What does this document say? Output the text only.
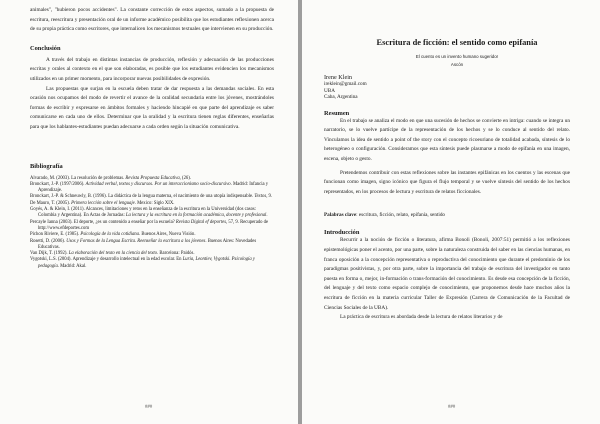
animales", "hubieron pocos accidentes". La constante corrección de estos aspectos, sumado a la propuesta de escritura, reescritura y presentación oral de un informe académico posibilita que los estudiantes reflexionen acerca de su propia práctica como escritores, que internalicen los mecanismos textuales que intervienen en su producción.

Conclusión

A través del trabajo en distintas instancias de producción, reflexión y adecuación de las producciones escritas y orales al contexto en el que son elaboradas, es posible que los estudiantes evidencien los mecanismos utilizados en un primer momento, para incorporar nuevas posibilidades de expresión.

Las propuestas que surjan en la escuela deben tratar de dar respuesta a las demandas sociales. En esta ocasión nos ocupamos del modo de revertir el avance de la oralidad secundaria entre los jóvenes, mostrándoles formas de escribir y expresarse en ámbitos formales y haciendo hincapié en que parte del aprendizaje es saber comunicarse en cada uno de ellos. Determinar que la oralidad y la escritura tienen reglas diferentes, enseñarlas para que los hablantes-estudiantes puedan adecuarse a cada orden según la situación comunicativa.

Bibliografía

Alvarado, M. (2003). La resolución de problemas. Revista Propuesta Educativa, (26).

Bronckart, J.-P. (1997/2006). Actividad verbal, textos y discursos. Por un interaccionismo socio-discursivo. Madrid: Infancia y Aprendizaje.

Bronckart, J.-P. & Schneuwly, B. (1996). La didáctica de la lengua materna, el nacimiento de una utopía indispensable. Textos, 9.

De Mauro, T. (2005). Primera lección sobre el lenguaje. Mexico: Siglo XIX.

Goyés, A. & Klein, I. (2011). Alcances, limitaciones y retos en la enseñanza de la escritura en la Universidad (dos casos: Colombia y Argentina). En Actas de Jornadas: La lectura y la escritura en la formación académica, docente y profesional.

Percayle Ianna (2003). El deporte, ¿es un contenido a enseñar por la escuela? Revista Digital ef deportes, 57, 9. Recuperado de http://www.efdeportes.com

Pichon Riviere, E. (1985). Psicología de la vida cotidiana. Buenos Aires, Nueva Visión.

Rosetti, D. (2006). Usos y Formas de la Lengua Escrita. Reenseñar la escritura a los jóvenes. Buenos Aires: Novedades Educativas.

Van Dijk, T. (1992). La elaboración del texto en la ciencia del texto. Barcelona: Paidós.

Vygotski, L.S. (2004). Aprendizaje y desarrollo intelectual en la edad escolar. En Luria, Leontiev, Vygotski. Psicología y pedagogía. Madrid: Akal.

###

Escritura de ficción: el sentido como epifanía

El cuento es un invento humano sugeridor

Ascón

Irene Klein
ireklein@gmail.com
UBA
Caba, Argentina

Resumen

En el trabajo se analiza el modo en que una sucesión de hechos se convierte en intriga: cuando se integra un narratorio, se lo vuelve partícipe de la representación de los hechos y se lo conduce al sentido del relato. Vinculamos la idea de sentido a point of the story con el concepto ricoeuriano de totalidad acabada, síntesis de lo heterogéneo o configuración. Consideramos que esta síntesis puede plasmarse a modo de epifanía en una imagen, escena, objeto o gesto.

Pretendemos contribuir con estas reflexiones sobre las instantes epifánicas en los cuentos y las escenas que funcionan como imagen, signo icónico que figura el flujo temporal y se vuelve síntesis del sentido de los hechos representados, en los procesos de lectura y escritura de relatos ficcionales.

Palabras clave: escritura, ficción, relato, epifanía, sentido

Introducción

Recurrir a la noción de ficción o literatura, afirma Bonoli (Bonoli, 2007:51) permitió a los reflexiones epistemológicas poner el acento, por una parte, sobre la naturaleza construida del saber en las ciencias humanas, en franca oposición a la concepción representativa o reproductiva del conocimiento que durante el predominio de los paradigmas positivistas, y, por otra parte, sobre la importancia del trabajo de escritura del investigador en tanto puesta en forma o, mejor, in-formación o trans-formación del conocimiento. Es desde esa concepción de la ficción, del lenguaje y del texto como espacio complejo de conocimiento, que proponemos desde hace muchos años la escritura de ficción en la materia curricular Taller de Expresión (Carrera de Comunicación de la Facultad de Ciencias Sociales de la UBA).

La práctica de escritura es abordada desde la lectura de relatos literarios y de

###
